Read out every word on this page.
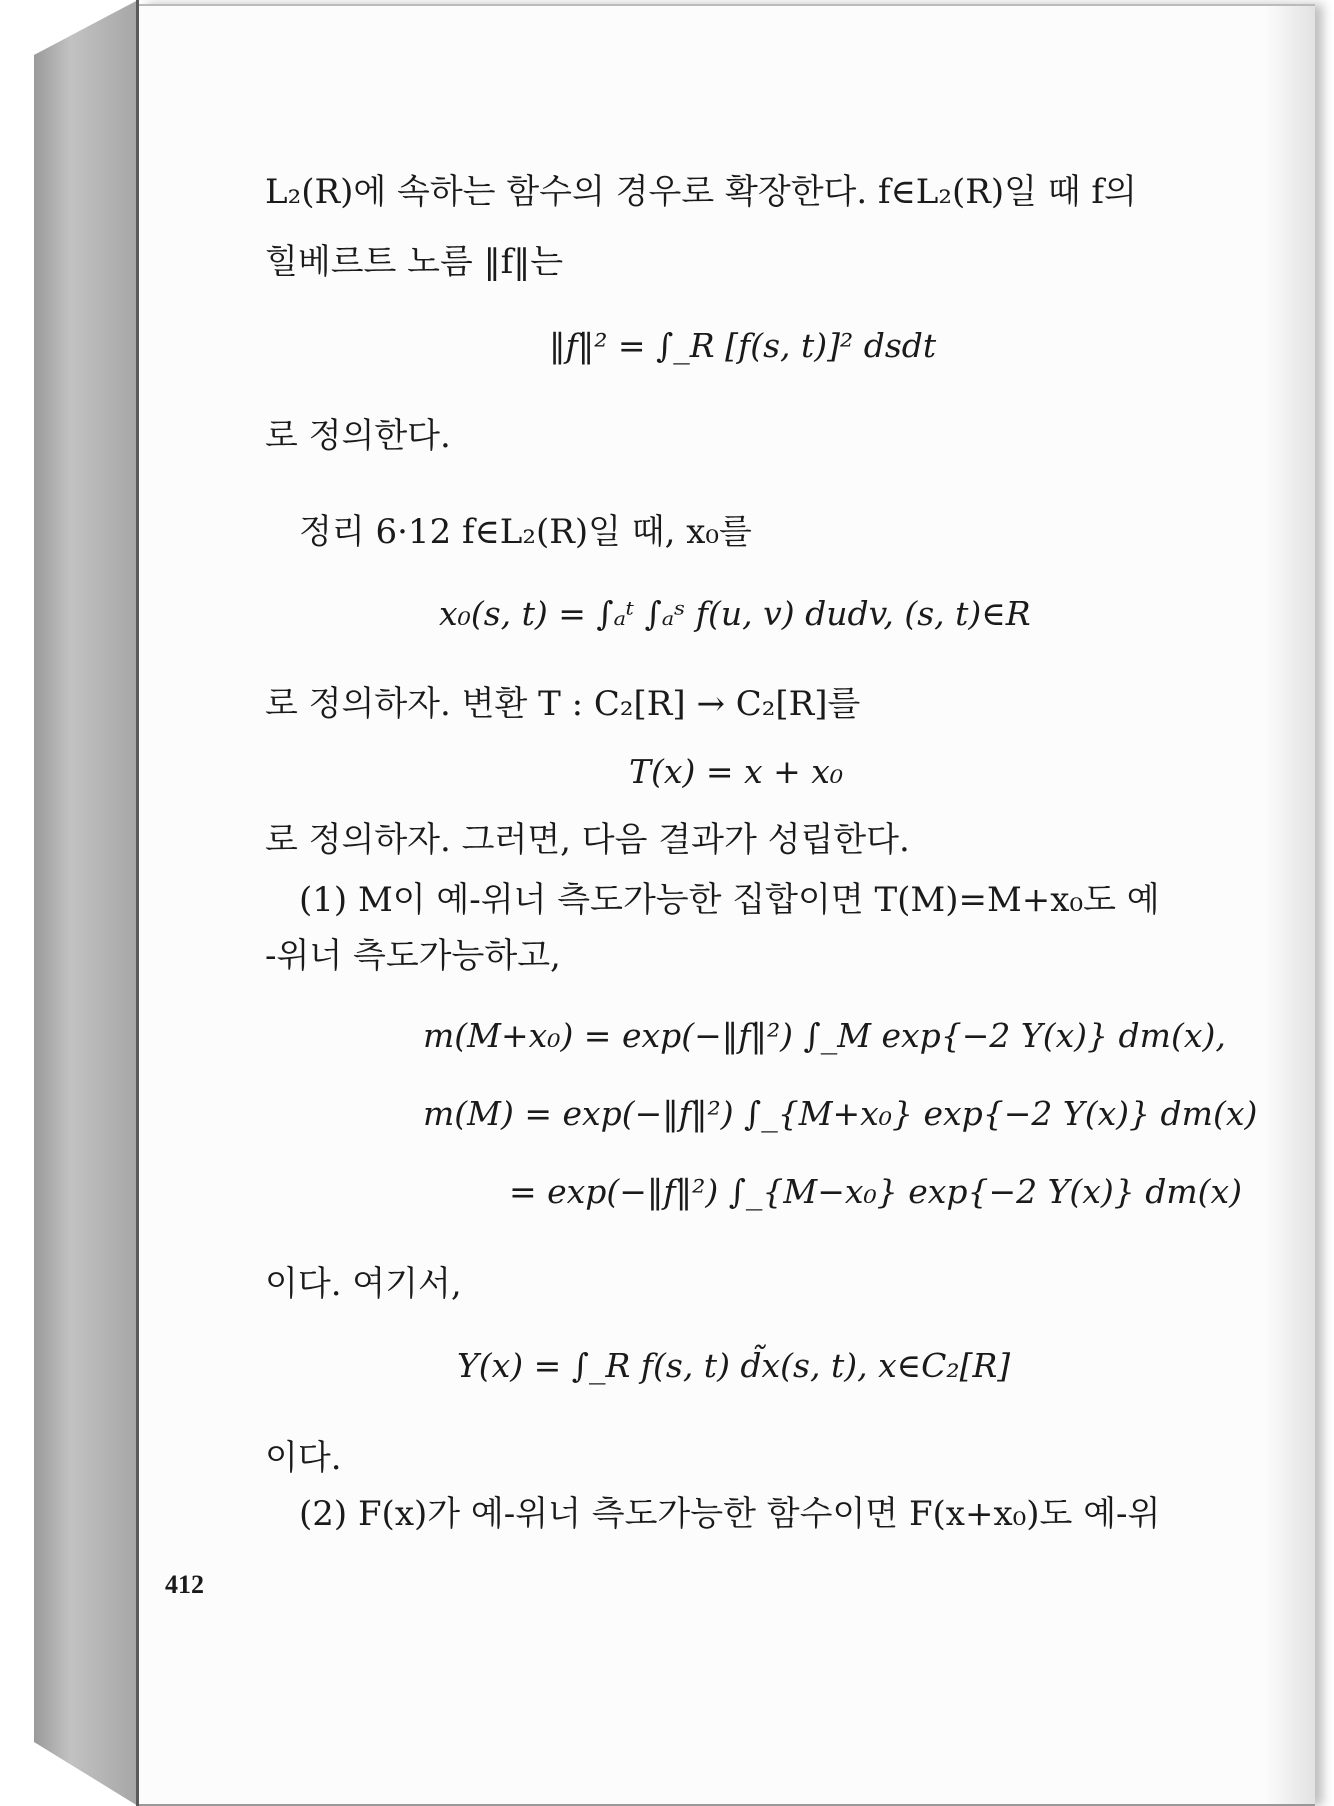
L₂(R)에 속하는 함수의 경우로 확장한다. f∈L₂(R)일 때 f의
힐베르트 노름 ‖f‖는
‖f‖² = ∫_R [f(s, t)]² dsdt
로 정의한다.
정리 6·12 f∈L₂(R)일 때, x₀를
x₀(s, t) = ∫ₐᵗ ∫ₐˢ f(u, v) dudv, (s, t)∈R
로 정의하자. 변환 T : C₂[R] → C₂[R]를
T(x) = x + x₀
로 정의하자. 그러면, 다음 결과가 성립한다.
(1) M이 예-위너 측도가능한 집합이면 T(M)=M+x₀도 예
-위너 측도가능하고,
m(M+x₀) = exp(−‖f‖²) ∫_M exp{−2 Y(x)} dm(x),
m(M) = exp(−‖f‖²) ∫_{M+x₀} exp{−2 Y(x)} dm(x)
= exp(−‖f‖²) ∫_{M−x₀} exp{−2 Y(x)} dm(x)
이다. 여기서,
Y(x) = ∫_R f(s, t) d̃x(s, t), x∈C₂[R]
이다.
(2) F(x)가 예-위너 측도가능한 함수이면 F(x+x₀)도 예-위
412
